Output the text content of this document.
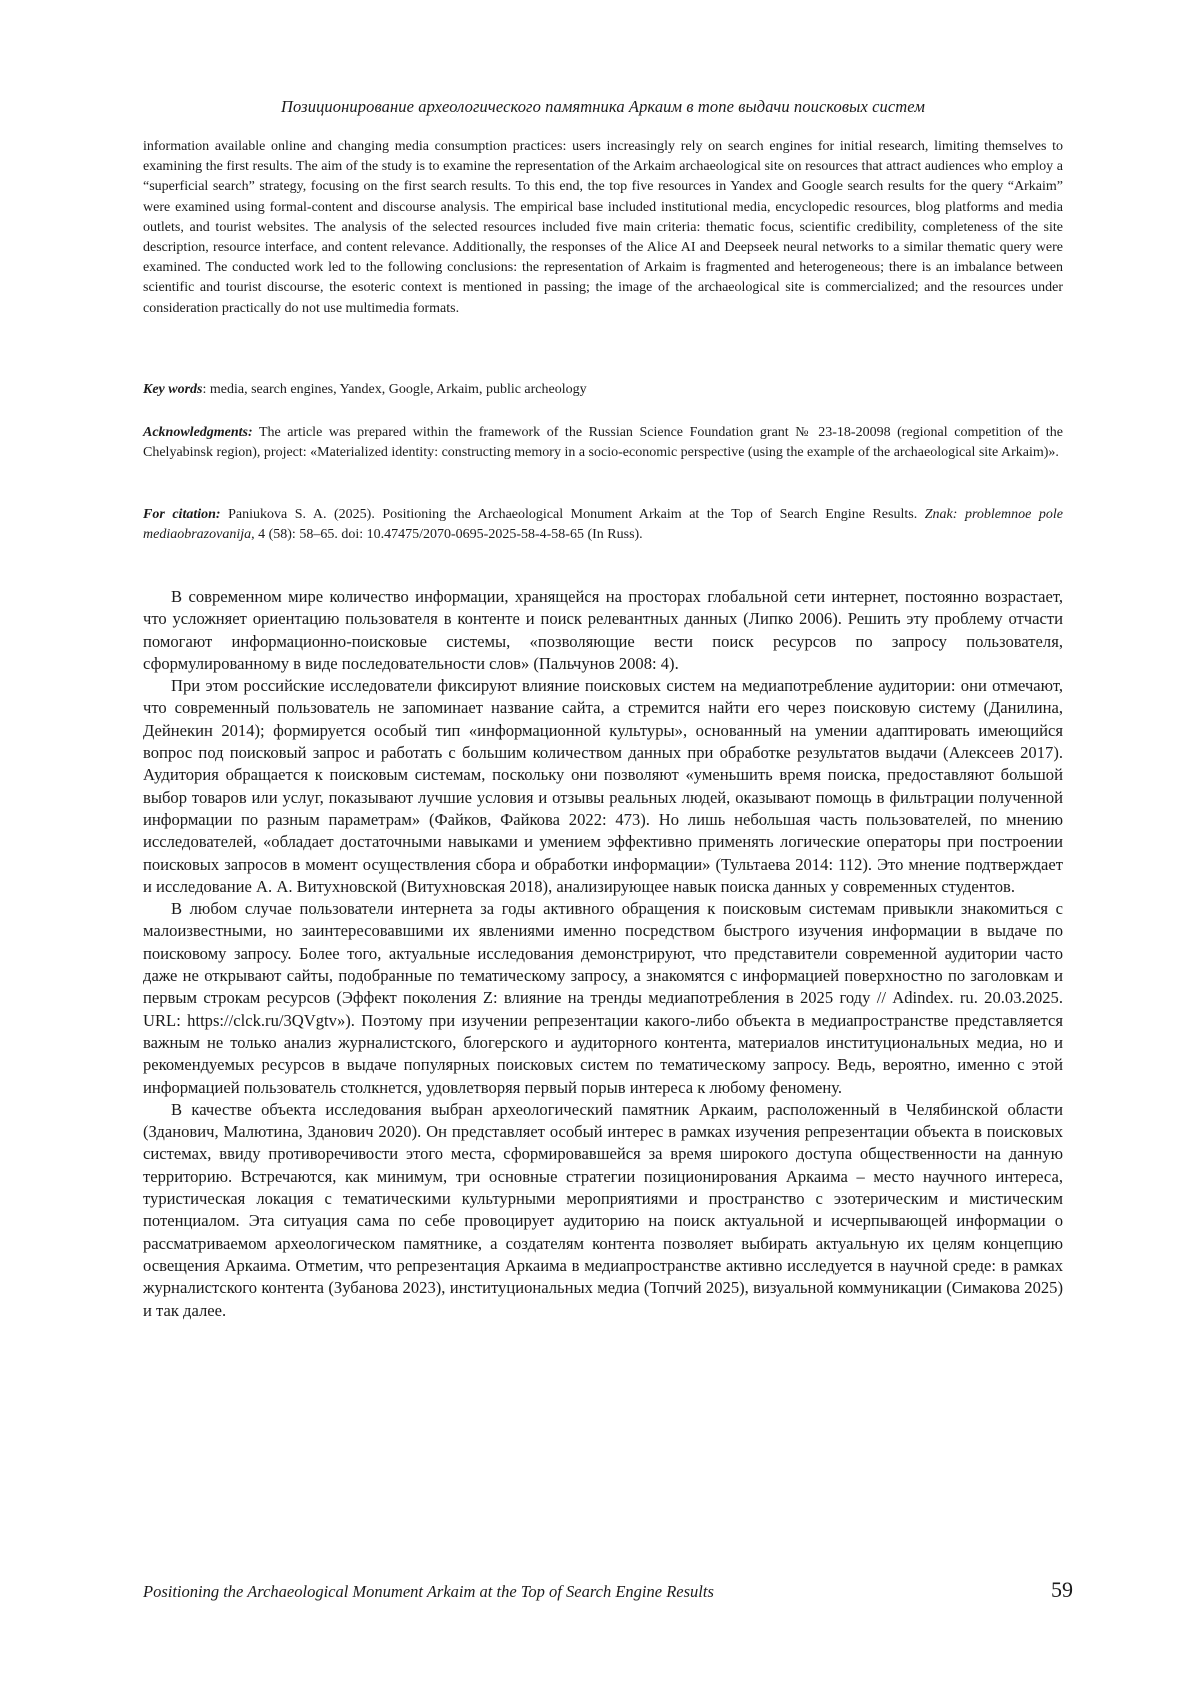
Позиционирование археологического памятника Аркаим в топе выдачи поисковых систем
information available online and changing media consumption practices: users increasingly rely on search engines for initial research, limiting themselves to examining the first results. The aim of the study is to examine the representation of the Arkaim archaeological site on resources that attract audiences who employ a “superficial search” strategy, focusing on the first search results. To this end, the top five resources in Yandex and Google search results for the query “Arkaim” were examined using formal-content and discourse analysis. The empirical base included institutional media, encyclopedic resources, blog platforms and media outlets, and tourist websites. The analysis of the selected resources included five main criteria: thematic focus, scientific credibility, completeness of the site description, resource interface, and content relevance. Additionally, the responses of the Alice AI and Deepseek neural networks to a similar thematic query were examined. The conducted work led to the following conclusions: the representation of Arkaim is fragmented and heterogeneous; there is an imbalance between scientific and tourist discourse, the esoteric context is mentioned in passing; the image of the archaeological site is commercialized; and the resources under consideration practically do not use multimedia formats.
Key words: media, search engines, Yandex, Google, Arkaim, public archeology
Acknowledgments: The article was prepared within the framework of the Russian Science Foundation grant № 23-18-20098 (regional competition of the Chelyabinsk region), project: «Materialized identity: constructing memory in a socio-economic perspective (using the example of the archaeological site Arkaim)».
For citation: Paniukova S. A. (2025). Positioning the Archaeological Monument Arkaim at the Top of Search Engine Results. Znak: problemnoe pole mediaobrazovanija, 4 (58): 58–65. doi: 10.47475/2070-0695-2025-58-4-58-65 (In Russ).

В современном мире количество информации, хранящейся на просторах глобальной сети интернет, постоянно возрастает, что усложняет ориентацию пользователя в контенте и поиск релевантных данных (Липко 2006). Решить эту проблему отчасти помогают информационно-поисковые системы, «позволяющие вести поиск ресурсов по запросу пользователя, сформулированному в виде последовательности слов» (Пальчунов 2008: 4).

При этом российские исследователи фиксируют влияние поисковых систем на медиапотребление аудитории: они отмечают, что современный пользователь не запоминает название сайта, а стремится найти его через поисковую систему (Данилина, Дейнекин 2014); формируется особый тип «информационной культуры», основанный на умении адаптировать имеющийся вопрос под поисковый запрос и работать с большим количеством данных при обработке результатов выдачи (Алексеев 2017). Аудитория обращается к поисковым системам, поскольку они позволяют «уменьшить время поиска, предоставляют большой выбор товаров или услуг, показывают лучшие условия и отзывы реальных людей, оказывают помощь в фильтрации полученной информации по разным параметрам» (Файков, Файкова 2022: 473). Но лишь небольшая часть пользователей, по мнению исследователей, «обладает достаточными навыками и умением эффективно применять логические операторы при построении поисковых запросов в момент осуществления сбора и обработки информации» (Тультаева 2014: 112). Это мнение подтверждает и исследование А. А. Витухновской (Витухновская 2018), анализирующее навык поиска данных у современных студентов.

В любом случае пользователи интернета за годы активного обращения к поисковым системам привыкли знакомиться с малоизвестными, но заинтересовавшими их явлениями именно посредством быстрого изучения информации в выдаче по поисковому запросу. Более того, актуальные исследования демонстрируют, что представители современной аудитории часто даже не открывают сайты, подобранные по тематическому запросу, а знакомятся с информацией поверхностно по заголовкам и первым строкам ресурсов (Эффект поколения Z: влияние на тренды медиапотребления в 2025 году // Adindex. ru. 20.03.2025. URL: https://clck.ru/3QVgtv»). Поэтому при изучении репрезентации какого-либо объекта в медиапространстве представляется важным не только анализ журналистского, блогерского и аудиторного контента, материалов институциональных медиа, но и рекомендуемых ресурсов в выдаче популярных поисковых систем по тематическому запросу. Ведь, вероятно, именно с этой информацией пользователь столкнется, удовлетворяя первый порыв интереса к любому феномену.

В качестве объекта исследования выбран археологический памятник Аркаим, расположенный в Челябинской области (Зданович, Малютина, Зданович 2020). Он представляет особый интерес в рамках изучения репрезентации объекта в поисковых системах, ввиду противоречивости этого места, сформировавшейся за время широкого доступа общественности на данную территорию. Встречаются, как минимум, три основные стратегии позиционирования Аркаима – место научного интереса, туристическая локация с тематическими культурными мероприятиями и пространство с эзотерическим и мистическим потенциалом. Эта ситуация сама по себе провоцирует аудиторию на поиск актуальной и исчерпывающей информации о рассматриваемом археологическом памятнике, а создателям контента позволяет выбирать актуальную их целям концепцию освещения Аркаима. Отметим, что репрезентация Аркаима в медиапространстве активно исследуется в научной среде: в рамках журналистского контента (Зубанова 2023), институциональных медиа (Топчий 2025), визуальной коммуникации (Симакова 2025) и так далее.

Positioning the Archaeological Monument Arkaim at the Top of Search Engine Results	59
